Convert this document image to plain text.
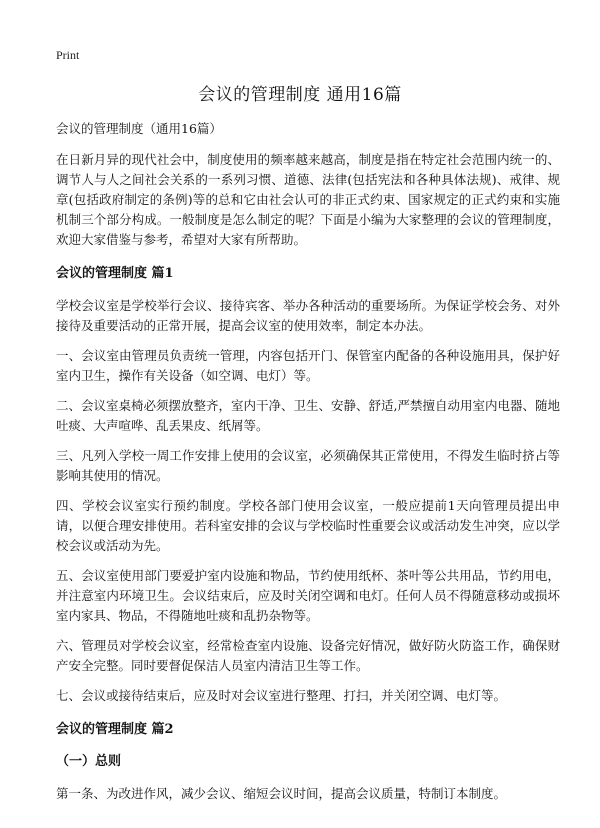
Print
会议的管理制度 通用16篇
会议的管理制度（通用16篇）

在日新月异的现代社会中，制度使用的频率越来越高，制度是指在特定社会范围内统一的、调节人与人之间社会关系的一系列习惯、道德、法律(包括宪法和各种具体法规)、戒律、规章(包括政府制定的条例)等的总和它由社会认可的非正式约束、国家规定的正式约束和实施机制三个部分构成。一般制度是怎么制定的呢？下面是小编为大家整理的会议的管理制度，欢迎大家借鉴与参考，希望对大家有所帮助。

会议的管理制度 篇1

学校会议室是学校举行会议、接待宾客、举办各种活动的重要场所。为保证学校会务、对外接待及重要活动的正常开展，提高会议室的使用效率，制定本办法。

一、会议室由管理员负责统一管理，内容包括开门、保管室内配备的各种设施用具，保护好室内卫生，操作有关设备（如空调、电灯）等。

二、会议室桌椅必须摆放整齐，室内干净、卫生、安静、舒适,严禁擅自动用室内电器、随地吐痰、大声喧哗、乱丢果皮、纸屑等。

三、凡列入学校一周工作安排上使用的会议室，必须确保其正常使用，不得发生临时挤占等影响其使用的情况。

四、学校会议室实行预约制度。学校各部门使用会议室，一般应提前1天向管理员提出申请，以便合理安排使用。若科室安排的会议与学校临时性重要会议或活动发生冲突，应以学校会议或活动为先。

五、会议室使用部门要爱护室内设施和物品，节约使用纸杯、茶叶等公共用品，节约用电，并注意室内环境卫生。会议结束后，应及时关闭空调和电灯。任何人员不得随意移动或损坏室内家具、物品，不得随地吐痰和乱扔杂物等。

六、管理员对学校会议室，经常检查室内设施、设备完好情况，做好防火防盗工作，确保财产安全完整。同时要督促保洁人员室内清洁卫生等工作。

七、会议或接待结束后，应及时对会议室进行整理、打扫，并关闭空调、电灯等。

会议的管理制度 篇2
（一）总则

第一条、为改进作风，减少会议、缩短会议时间，提高会议质量，特制订本制度。
